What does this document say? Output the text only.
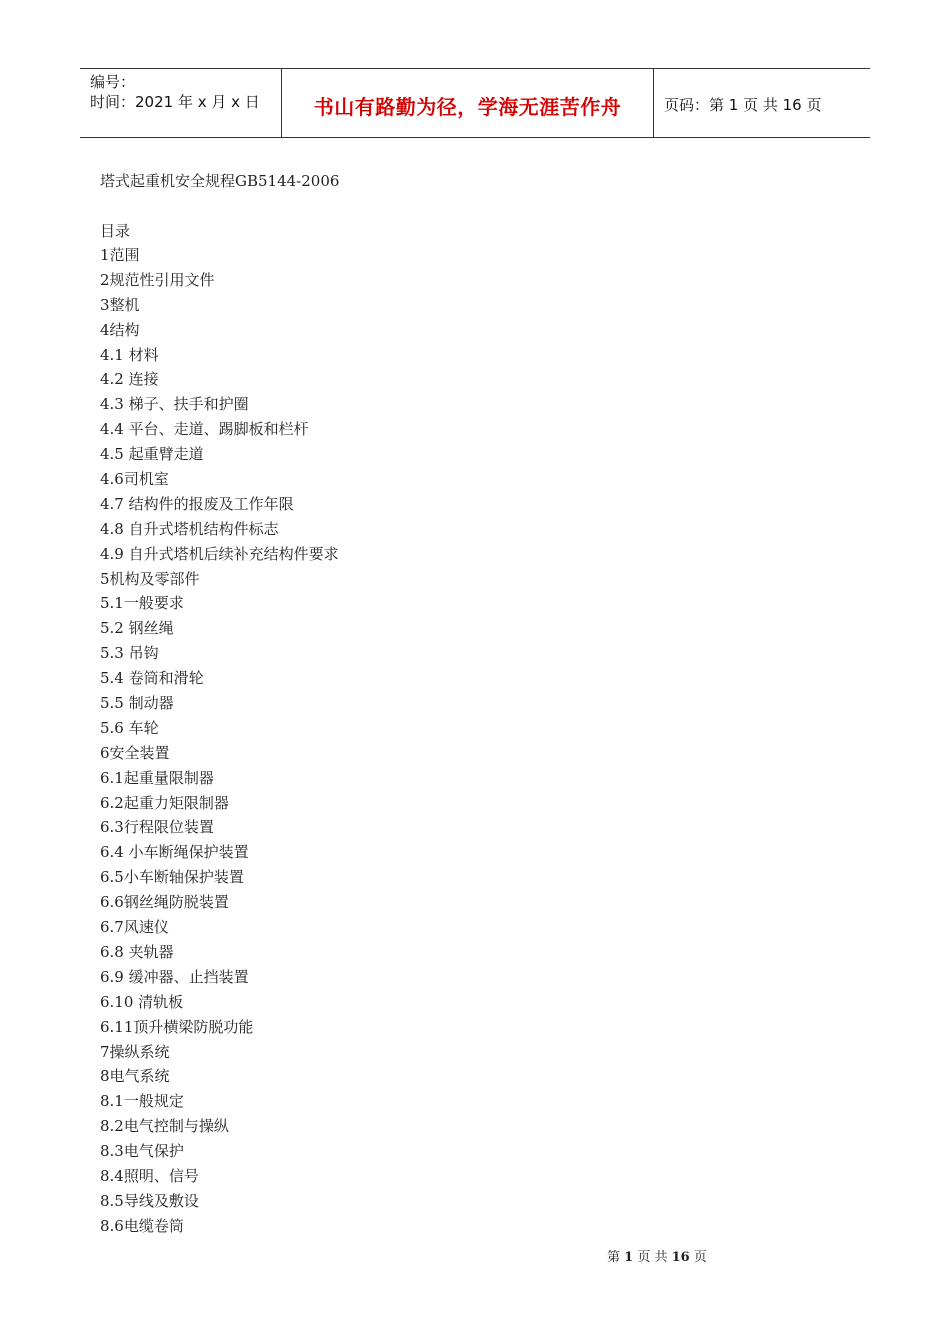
编号：
时间：2021 年 x 月 x 日	书山有路勤为径，学海无涯苦作舟	页码：第 1 页 共 16 页
塔式起重机安全规程GB5144-2006
目录
1范围
2规范性引用文件
3整机
4结构
4.1 材料
4.2 连接
4.3 梯子、扶手和护圈
4.4 平台、走道、踢脚板和栏杆
4.5 起重臂走道
4.6司机室
4.7 结构件的报废及工作年限
4.8 自升式塔机结构件标志
4.9 自升式塔机后续补充结构件要求
5机构及零部件
5.1一般要求
5.2 钢丝绳
5.3 吊钩
5.4 卷筒和滑轮
5.5 制动器
5.6 车轮
6安全装置
6.1起重量限制器
6.2起重力矩限制器
6.3行程限位装置
6.4 小车断绳保护装置
6.5小车断轴保护装置
6.6钢丝绳防脱装置
6.7风速仪
6.8 夹轨器
6.9 缓冲器、止挡装置
6.10 清轨板
6.11顶升横梁防脱功能
7操纵系统
8电气系统
8.1一般规定
8.2电气控制与操纵
8.3电气保护
8.4照明、信号
8.5导线及敷设
8.6电缆卷筒
第 1 页 共 16 页
